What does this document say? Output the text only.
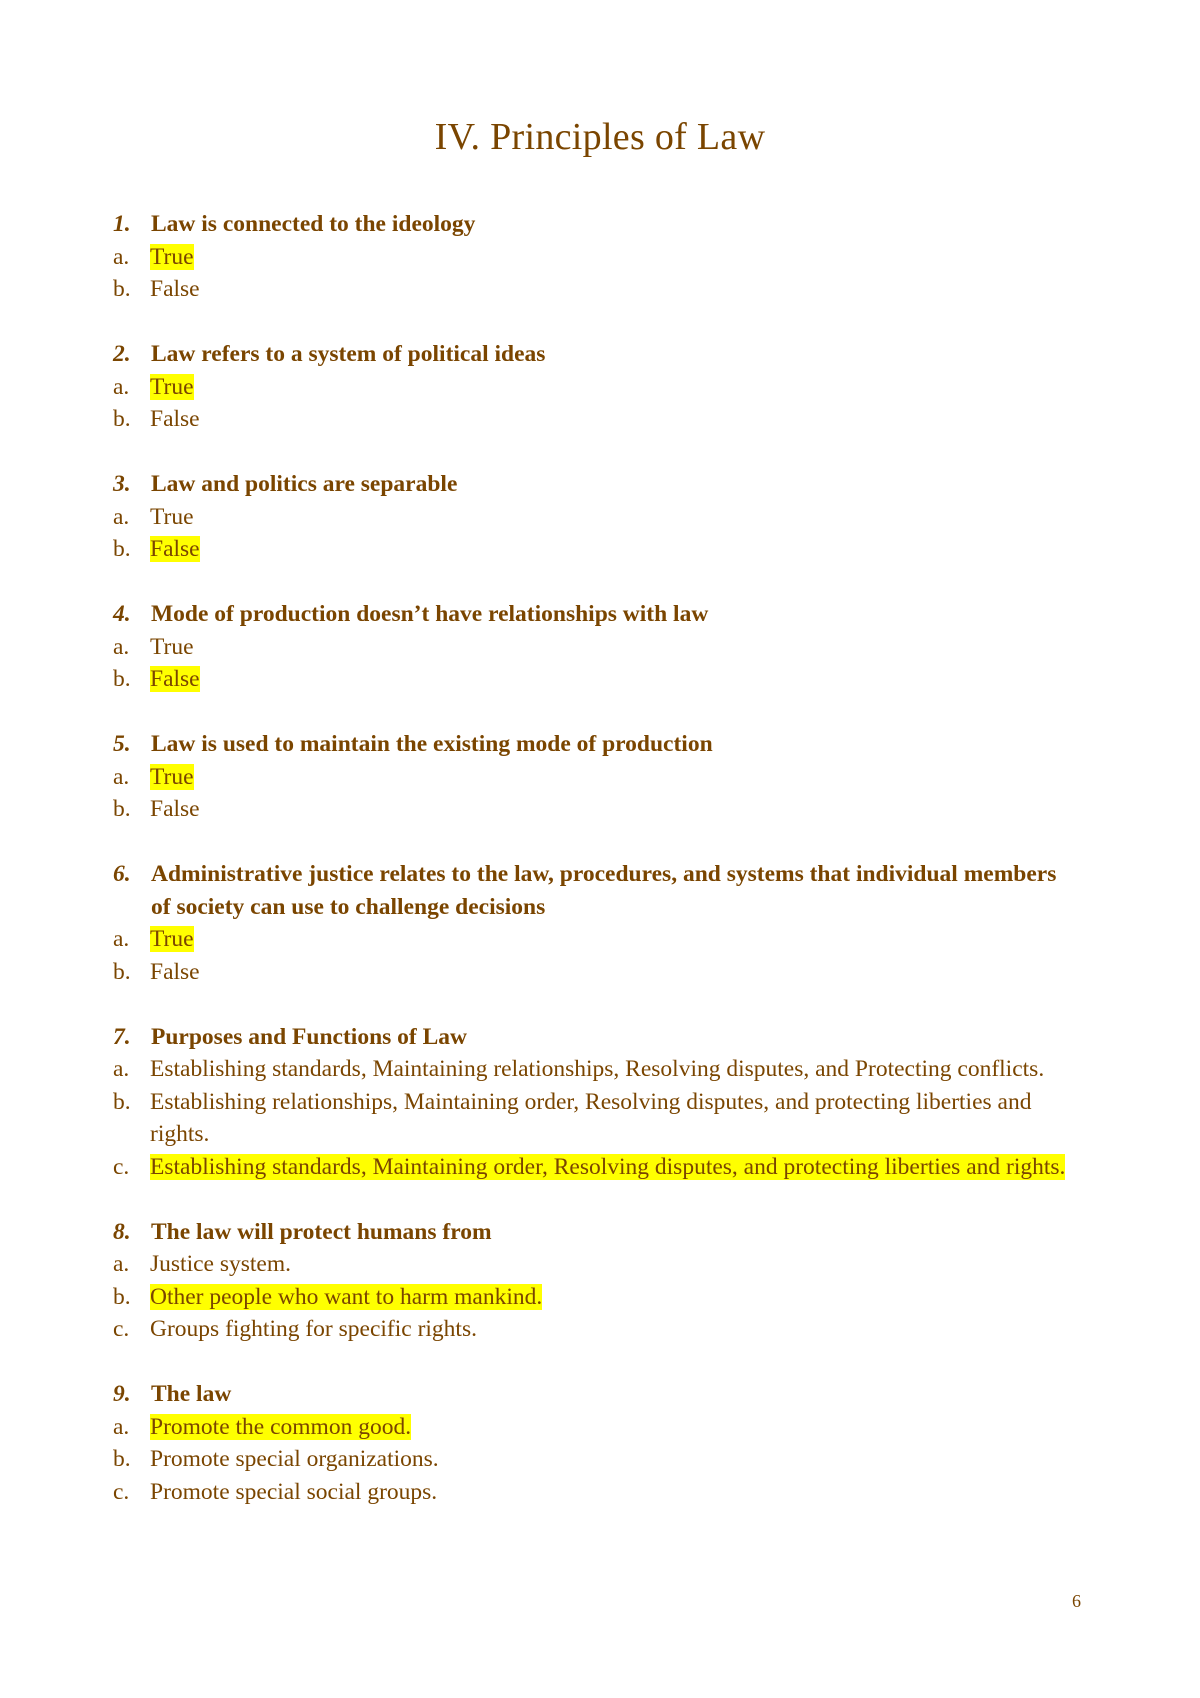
IV. Principles of Law
1. Law is connected to the ideology
a. True
b. False
2. Law refers to a system of political ideas
a. True
b. False
3. Law and politics are separable
a. True
b. False
4. Mode of production doesn’t have relationships with law
a. True
b. False
5. Law is used to maintain the existing mode of production
a. True
b. False
6. Administrative justice relates to the law, procedures, and systems that individual members of society can use to challenge decisions
a. True
b. False
7. Purposes and Functions of Law
a. Establishing standards, Maintaining relationships, Resolving disputes, and Protecting conflicts.
b. Establishing relationships, Maintaining order, Resolving disputes, and protecting liberties and rights.
c. Establishing standards, Maintaining order, Resolving disputes, and protecting liberties and rights.
8. The law will protect humans from
a. Justice system.
b. Other people who want to harm mankind.
c. Groups fighting for specific rights.
9. The law
a. Promote the common good.
b. Promote special organizations.
c. Promote special social groups.
6
